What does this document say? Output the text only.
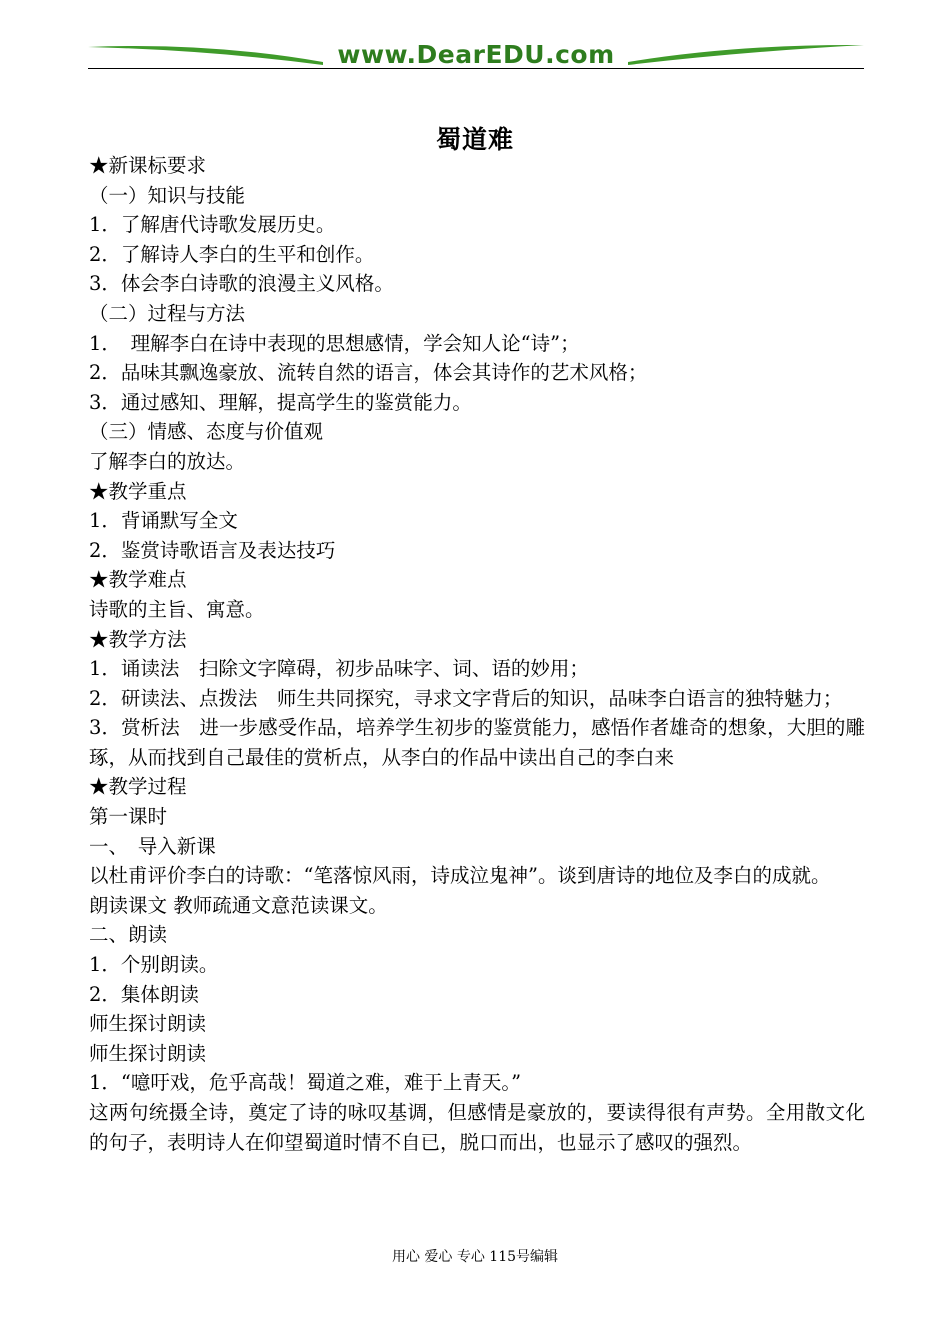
www.DearEDU.com
蜀道难
★新课标要求
（一）知识与技能
1．了解唐代诗歌发展历史。
2．了解诗人李白的生平和创作。
3．体会李白诗歌的浪漫主义风格。
（二）过程与方法
1．　理解李白在诗中表现的思想感情，学会知人论“诗”；
2．品味其飘逸豪放、流转自然的语言，体会其诗作的艺术风格；
3．通过感知、理解，提高学生的鉴赏能力。
（三）情感、态度与价值观
了解李白的放达。
★教学重点
1．背诵默写全文
2．鉴赏诗歌语言及表达技巧
★教学难点
诗歌的主旨、寓意。
★教学方法
1．诵读法　扫除文字障碍，初步品味字、词、语的妙用；
2．研读法、点拨法　师生共同探究，寻求文字背后的知识，品味李白语言的独特魅力；
3．赏析法　进一步感受作品，培养学生初步的鉴赏能力，感悟作者雄奇的想象，大胆的雕琢，从而找到自己最佳的赏析点，从李白的作品中读出自己的李白来
★教学过程
第一课时
一、　导入新课
以杜甫评价李白的诗歌：“笔落惊风雨，诗成泣鬼神”。谈到唐诗的地位及李白的成就。
朗读课文 教师疏通文意范读课文。
二、朗读
1．个别朗读。
2．集体朗读
师生探讨朗读
师生探讨朗读
1．“噫吁戏，危乎高哉！蜀道之难，难于上青天。”
这两句统摄全诗，奠定了诗的咏叹基调，但感情是豪放的，要读得很有声势。全用散文化的句子，表明诗人在仰望蜀道时情不自已，脱口而出，也显示了感叹的强烈。
用心 爱心 专心 115号编辑
